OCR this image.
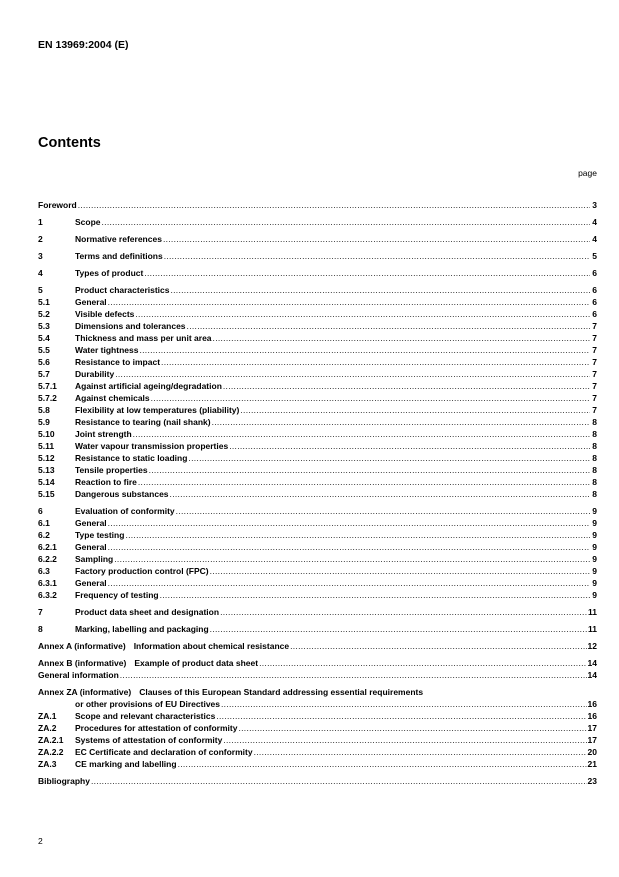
EN 13969:2004 (E)
Contents
page
Foreword .....	3
1	Scope .....	4
2	Normative references .....	4
3	Terms and definitions .....	5
4	Types of product .....	6
5	Product characteristics .....	6
5.1	General .....	6
5.2	Visible defects .....	6
5.3	Dimensions and tolerances .....	7
5.4	Thickness and mass per unit area .....	7
5.5	Water tightness .....	7
5.6	Resistance to impact .....	7
5.7	Durability .....	7
5.7.1	Against artificial ageing/degradation .....	7
5.7.2	Against chemicals .....	7
5.8	Flexibility at low temperatures (pliability) .....	7
5.9	Resistance to tearing (nail shank) .....	8
5.10	Joint strength .....	8
5.11	Water vapour transmission properties .....	8
5.12	Resistance to static loading .....	8
5.13	Tensile properties .....	8
5.14	Reaction to fire .....	8
5.15	Dangerous substances .....	8
6	Evaluation of conformity .....	9
6.1	General .....	9
6.2	Type testing .....	9
6.2.1	General .....	9
6.2.2	Sampling .....	9
6.3	Factory production control (FPC) .....	9
6.3.1	General .....	9
6.3.2	Frequency of testing .....	9
7	Product data sheet and designation .....	11
8	Marking, labelling and packaging .....	11
Annex A (informative) Information about chemical resistance .....	12
Annex B (informative) Example of product data sheet .....	14
General information .....	14
Annex ZA (informative) Clauses of this European Standard addressing essential requirements
or other provisions of EU Directives .....	16
ZA.1	Scope and relevant characteristics .....	16
ZA.2	Procedures for attestation of conformity .....	17
ZA.2.1	Systems of attestation of conformity .....	17
ZA.2.2	EC Certificate and declaration of conformity .....	20
ZA.3	CE marking and labelling .....	21
Bibliography .....	23
2
